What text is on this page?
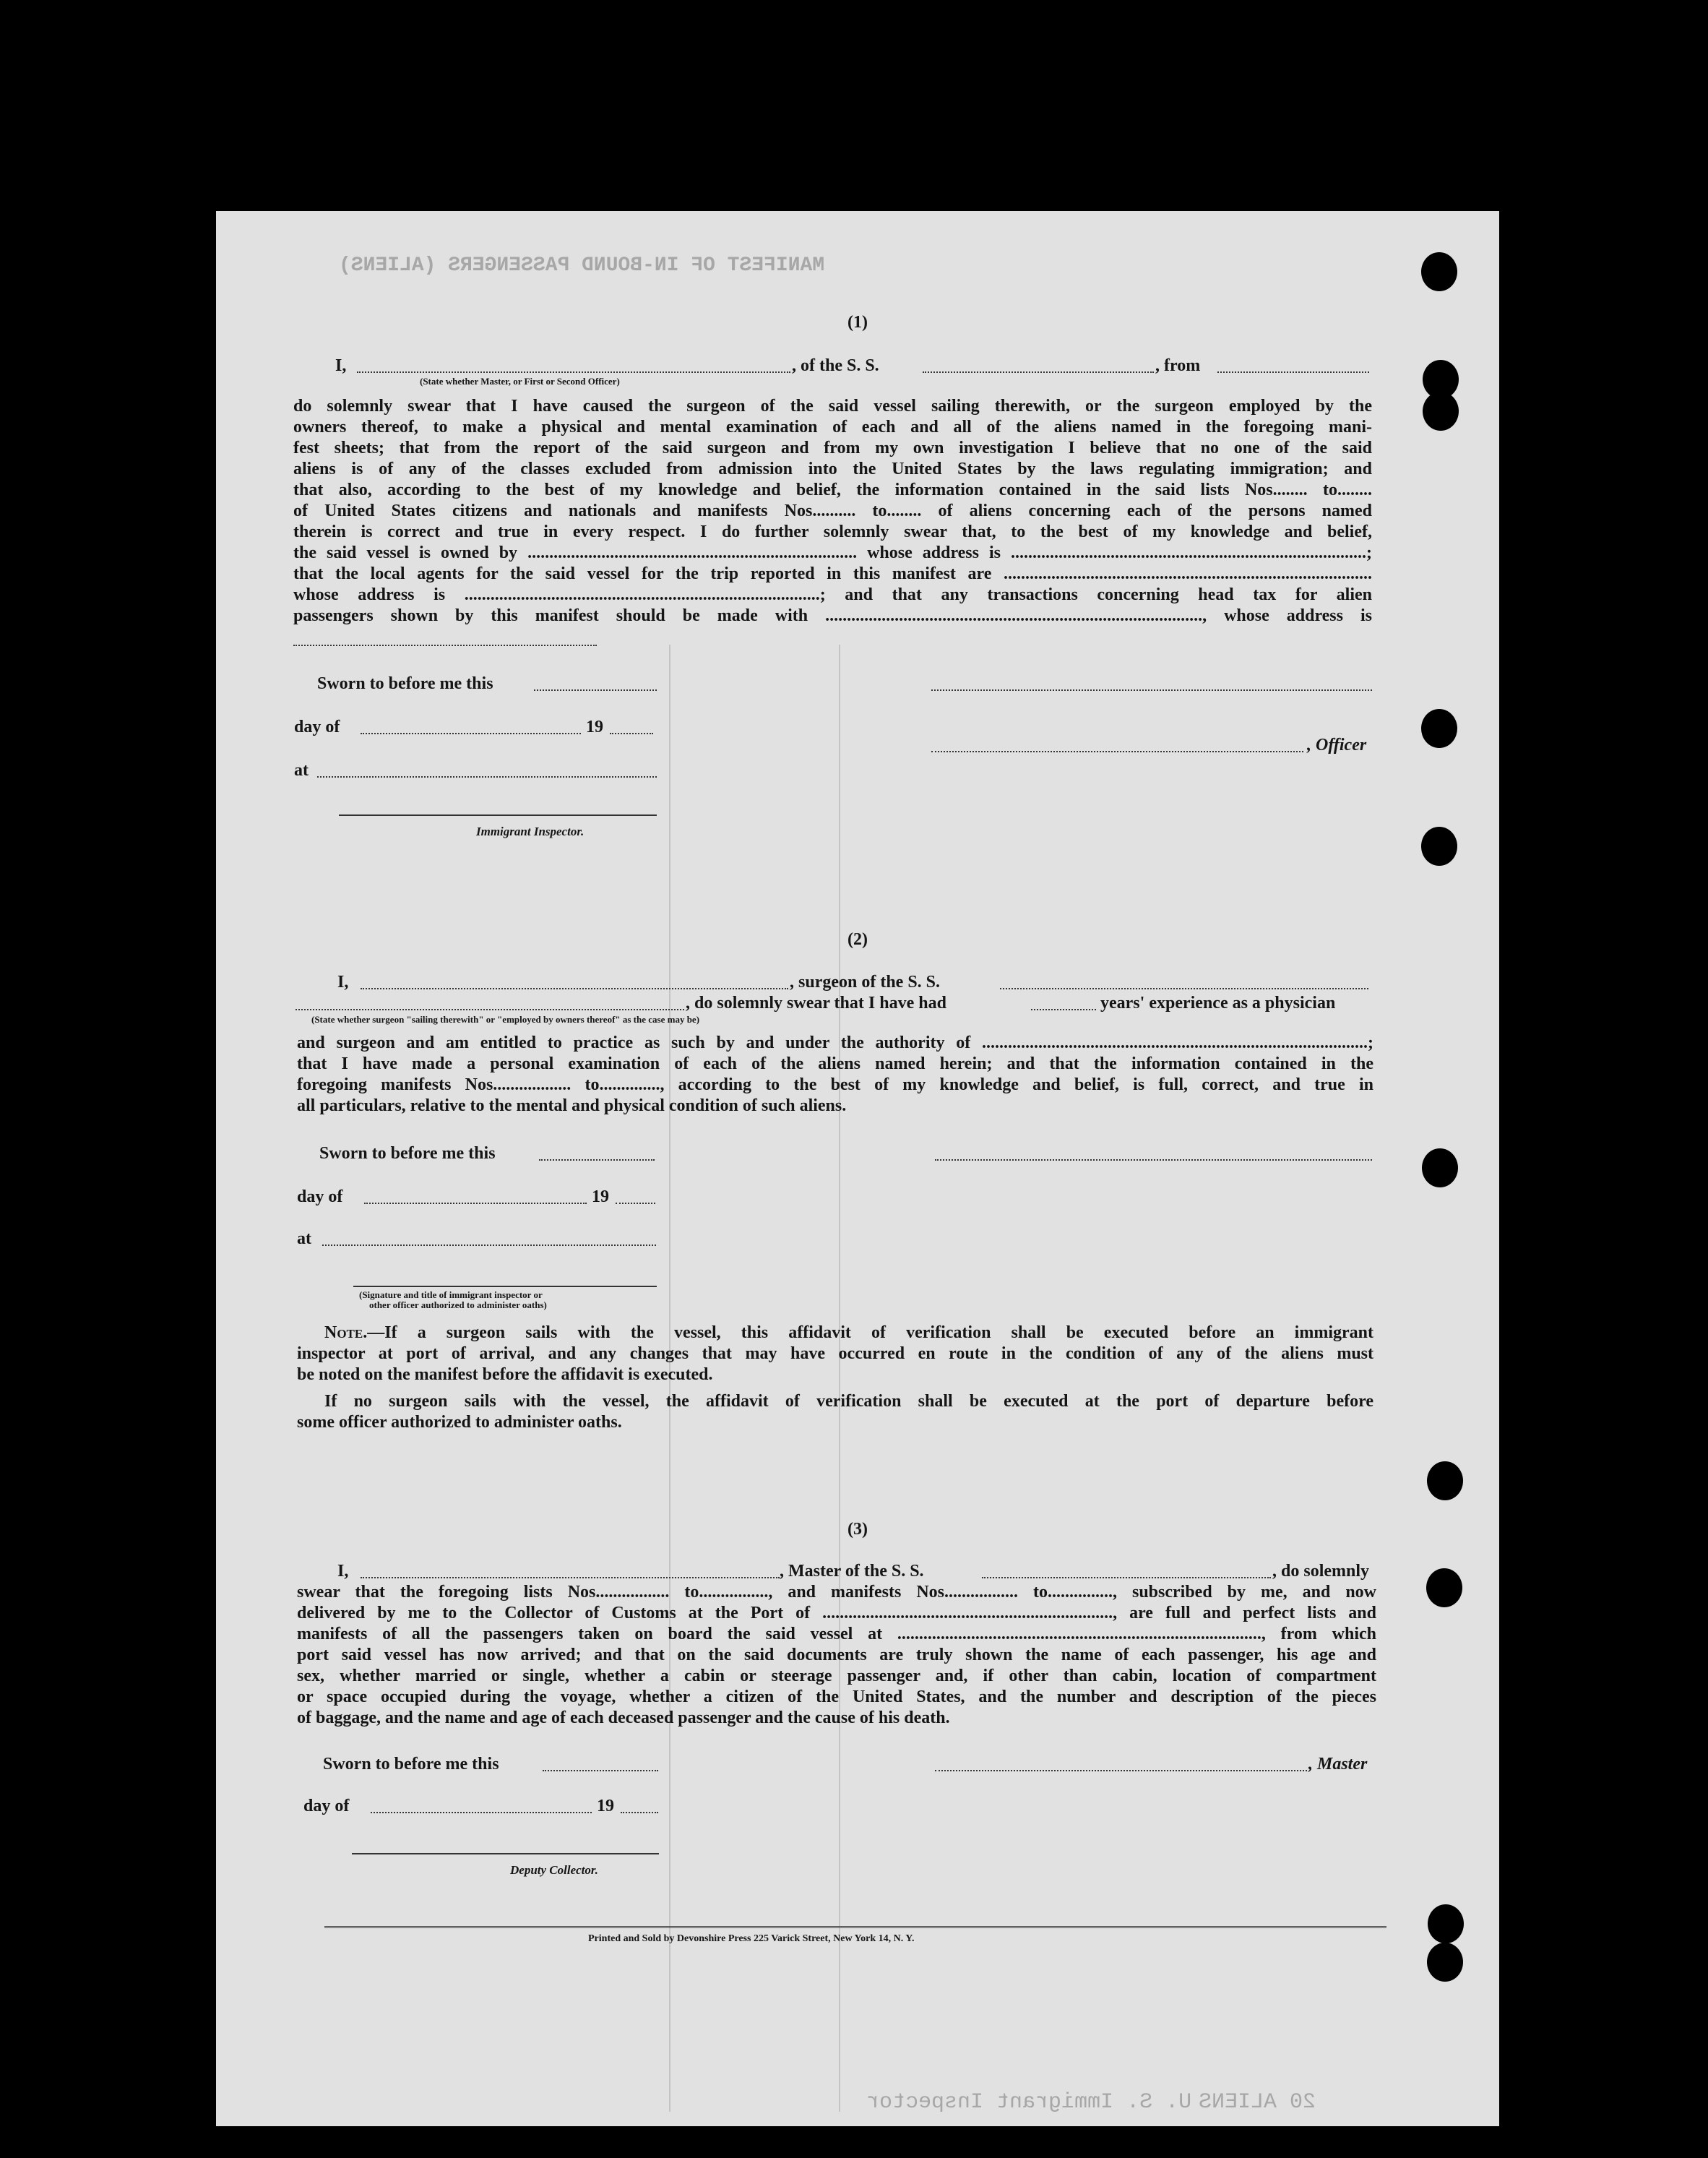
MANIFEST OF IN-BOUND PASSENGERS (ALIENS)
U. S. Immigrant Inspector 20 ALIENS
(1)
I,	, of the S. S.	, from
(State whether Master, or First or Second Officer)
do solemnly swear that I have caused the surgeon of the said vessel sailing therewith, or the surgeon employed by the
owners thereof, to make a physical and mental examination of each and all of the aliens named in the foregoing mani-
fest sheets; that from the report of the said surgeon and from my own investigation I believe that no one of the said
aliens is of any of the classes excluded from admission into the United States by the laws regulating immigration; and
that also, according to the best of my knowledge and belief, the information contained in the said lists Nos........ to........
of United States citizens and nationals and manifests Nos.......... to........ of aliens concerning each of the persons named
therein is correct and true in every respect. I do further solemnly swear that, to the best of my knowledge and belief,
the said vessel is owned by ............................................................................ whose address is ..................................................................................;
that the local agents for the said vessel for the trip reported in this manifest are .....................................................................................
whose address is ..................................................................................; and that any transactions concerning head tax for alien
passengers shown by this manifest should be made with ......................................................................................., whose address is
Sworn to before me this
day of	19
at
, Officer
Immigrant Inspector.
(2)
I,	, surgeon of the S. S.
, do solemnly swear that I have had	years' experience as a physician
(State whether surgeon "sailing therewith" or "employed by owners thereof" as the case may be)
and surgeon and am entitled to practice as such by and under the authority of .........................................................................................;
that I have made a personal examination of each of the aliens named herein; and that the information contained in the
foregoing manifests Nos.................. to.............., according to the best of my knowledge and belief, is full, correct, and true in
all particulars, relative to the mental and physical condition of such aliens.
Sworn to before me this
day of	19
at
(Signature and title of immigrant inspector or
other officer authorized to administer oaths)
Note.—If a surgeon sails with the vessel, this affidavit of verification shall be executed before an immigrant
inspector at port of arrival, and any changes that may have occurred en route in the condition of any of the aliens must
be noted on the manifest before the affidavit is executed.
If no surgeon sails with the vessel, the affidavit of verification shall be executed at the port of departure before
some officer authorized to administer oaths.
(3)
I,	, Master of the S. S.	, do solemnly
swear that the foregoing lists Nos................. to................, and manifests Nos................. to..............., subscribed by me, and now
delivered by me to the Collector of Customs at the Port of ..................................................................., are full and perfect lists and
manifests of all the passengers taken on board the said vessel at ...................................................................................., from which
port said vessel has now arrived; and that on the said documents are truly shown the name of each passenger, his age and
sex, whether married or single, whether a cabin or steerage passenger and, if other than cabin, location of compartment
or space occupied during the voyage, whether a citizen of the United States, and the number and description of the pieces
of baggage, and the name and age of each deceased passenger and the cause of his death.
Sworn to before me this	, Master
day of	19
Deputy Collector.
Printed and Sold by Devonshire Press 225 Varick Street, New York 14, N. Y.
